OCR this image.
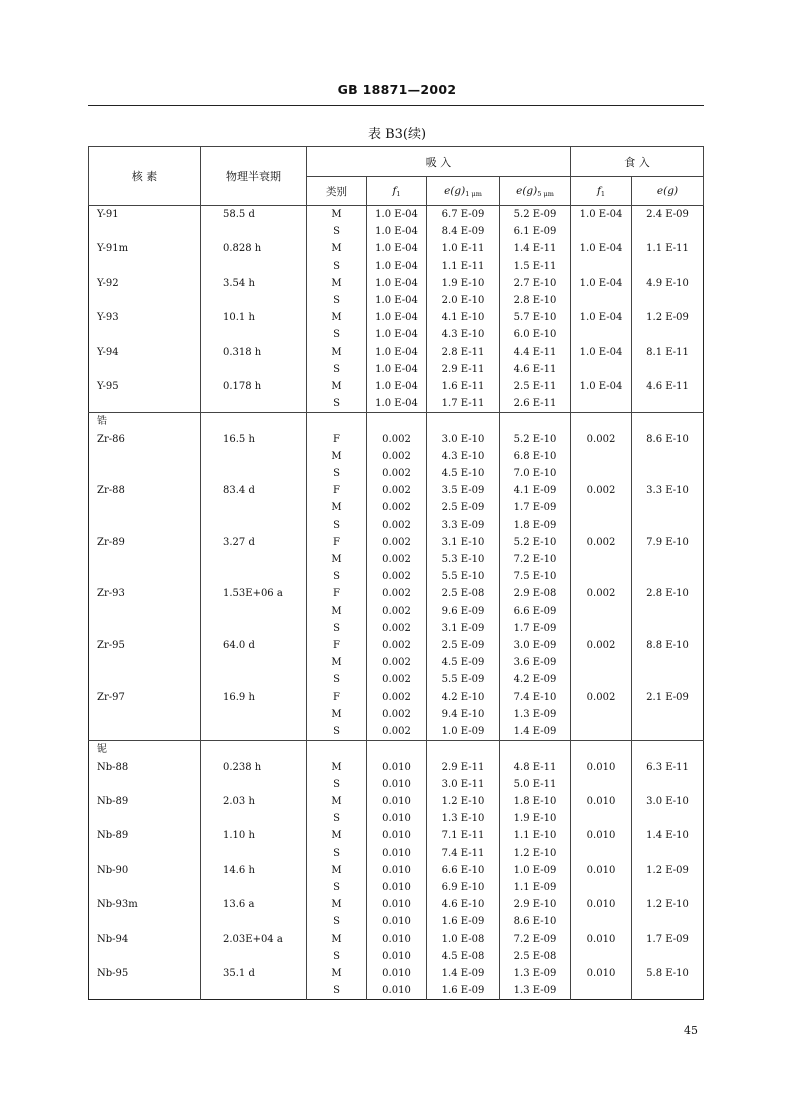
GB 18871—2002
表 B3(续)
核 素	物理半衰期	吸 入				食 入	
		类别	$f_1$	$e(g)_{1 \mu m}$	$e(g)_{5 \mu m}$	$f_1$	e(g)
Y-91	58.5 d	M	1.0 E-04	6.7 E-09	5.2 E-09	1.0 E-04	2.4 E-09
		S	1.0 E-04	8.4 E-09	6.1 E-09		
Y-91m	0.828 h	M	1.0 E-04	1.0 E-11	1.4 E-11	1.0 E-04	1.1 E-11
		S	1.0 E-04	1.1 E-11	1.5 E-11		
Y-92	3.54 h	M	1.0 E-04	1.9 E-10	2.7 E-10	1.0 E-04	4.9 E-10
		S	1.0 E-04	2.0 E-10	2.8 E-10		
Y-93	10.1 h	M	1.0 E-04	4.1 E-10	5.7 E-10	1.0 E-04	1.2 E-09
		S	1.0 E-04	4.3 E-10	6.0 E-10		
Y-94	0.318 h	M	1.0 E-04	2.8 E-11	4.4 E-11	1.0 E-04	8.1 E-11
		S	1.0 E-04	2.9 E-11	4.6 E-11		
Y-95	0.178 h	M	1.0 E-04	1.6 E-11	2.5 E-11	1.0 E-04	4.6 E-11
		S	1.0 E-04	1.7 E-11	2.6 E-11		
锆							
Zr-86	16.5 h	F	0.002	3.0 E-10	5.2 E-10	0.002	8.6 E-10
		M	0.002	4.3 E-10	6.8 E-10		
		S	0.002	4.5 E-10	7.0 E-10		
Zr-88	83.4 d	F	0.002	3.5 E-09	4.1 E-09	0.002	3.3 E-10
		M	0.002	2.5 E-09	1.7 E-09		
		S	0.002	3.3 E-09	1.8 E-09		
Zr-89	3.27 d	F	0.002	3.1 E-10	5.2 E-10	0.002	7.9 E-10
		M	0.002	5.3 E-10	7.2 E-10		
		S	0.002	5.5 E-10	7.5 E-10		
Zr-93	1.53E+06 a	F	0.002	2.5 E-08	2.9 E-08	0.002	2.8 E-10
		M	0.002	9.6 E-09	6.6 E-09		
		S	0.002	3.1 E-09	1.7 E-09		
Zr-95	64.0 d	F	0.002	2.5 E-09	3.0 E-09	0.002	8.8 E-10
		M	0.002	4.5 E-09	3.6 E-09		
		S	0.002	5.5 E-09	4.2 E-09		
Zr-97	16.9 h	F	0.002	4.2 E-10	7.4 E-10	0.002	2.1 E-09
		M	0.002	9.4 E-10	1.3 E-09		
		S	0.002	1.0 E-09	1.4 E-09		
铌							
Nb-88	0.238 h	M	0.010	2.9 E-11	4.8 E-11	0.010	6.3 E-11
		S	0.010	3.0 E-11	5.0 E-11		
Nb-89	2.03 h	M	0.010	1.2 E-10	1.8 E-10	0.010	3.0 E-10
		S	0.010	1.3 E-10	1.9 E-10		
Nb-89	1.10 h	M	0.010	7.1 E-11	1.1 E-10	0.010	1.4 E-10
		S	0.010	7.4 E-11	1.2 E-10		
Nb-90	14.6 h	M	0.010	6.6 E-10	1.0 E-09	0.010	1.2 E-09
		S	0.010	6.9 E-10	1.1 E-09		
Nb-93m	13.6 a	M	0.010	4.6 E-10	2.9 E-10	0.010	1.2 E-10
		S	0.010	1.6 E-09	8.6 E-10		
Nb-94	2.03E+04 a	M	0.010	1.0 E-08	7.2 E-09	0.010	1.7 E-09
		S	0.010	4.5 E-08	2.5 E-08		
Nb-95	35.1 d	M	0.010	1.4 E-09	1.3 E-09	0.010	5.8 E-10
		S	0.010	1.6 E-09	1.3 E-09		
45
